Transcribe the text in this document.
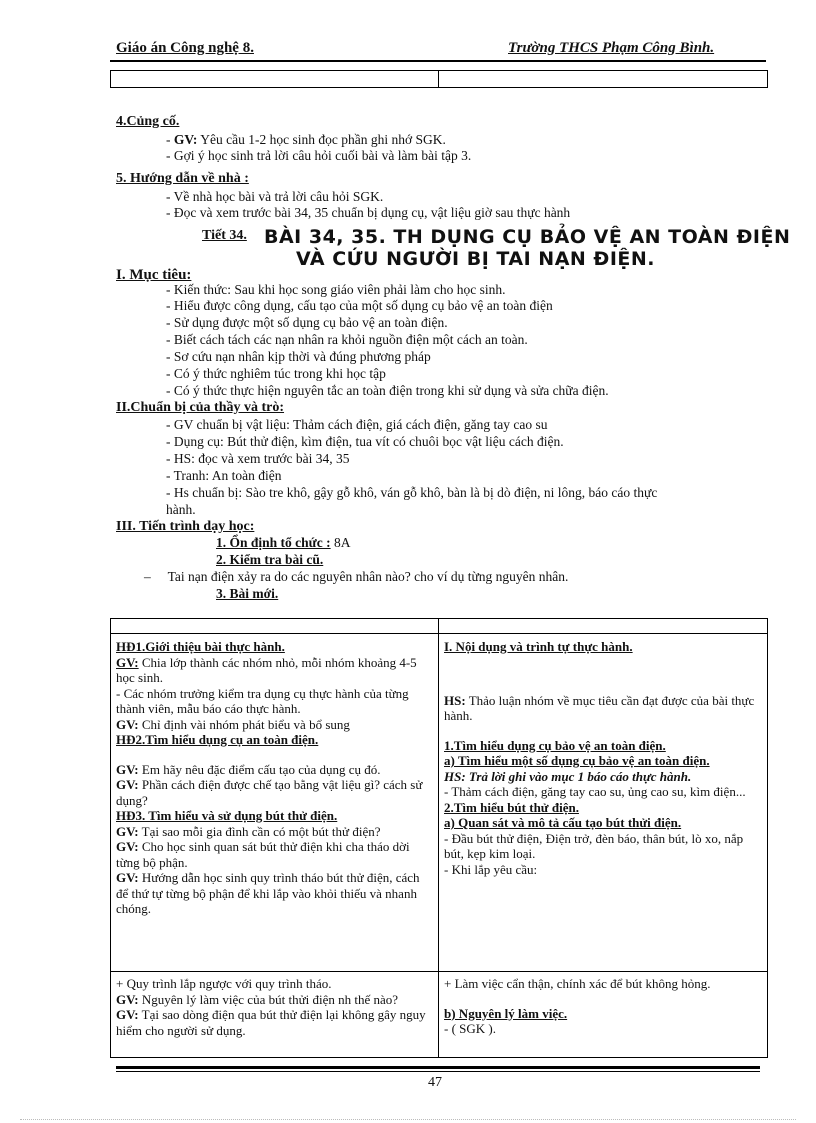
Giáo án Công nghệ 8.	Trường THCS Phạm Công Bình.
4.Củng cố.
- GV: Yêu cầu 1-2 học sinh đọc phần ghi nhớ SGK.
- Gợi ý học sinh trả lời câu hỏi cuối bài và làm bài tập 3.
5. Hướng dẫn về nhà :
- Về nhà học bài và trả lời câu hỏi SGK.
- Đọc và xem trước bài 34, 35 chuẩn bị dụng cụ, vật liệu giờ sau thực hành
Tiết 34. BÀI 34, 35. TH DỤNG CỤ BẢO VỆ AN TOÀN ĐIỆN
VÀ CỨU NGƯỜI BỊ TAI NẠN ĐIỆN.
I. Mục tiêu:
- Kiến thức: Sau khi học song giáo viên phải làm cho học sinh.
- Hiểu được công dụng, cấu tạo của một số dụng cụ bảo vệ an toàn điện
- Sử dụng được một số dụng cụ bảo vệ an toàn điện.
- Biết cách tách các nạn nhân ra khỏi nguồn điện một cách an toàn.
- Sơ cứu nạn nhân kịp thời và đúng phương pháp
- Có ý thức nghiêm túc trong khi học tập
- Có ý thức thực hiện nguyên tắc an toàn điện trong khi sử dụng và sửa chữa điện.
II.Chuẩn bị của thầy và trò:
- GV chuẩn bị vật liệu: Thảm cách điện, giá cách điện, găng tay cao su
- Dụng cụ: Bút thử điện, kìm điện, tua vít có chuôi bọc vật liệu cách điện.
- HS: đọc và xem trước bài 34, 35
- Tranh: An toàn điện
- Hs chuẩn bị: Sào tre khô, gậy gỗ khô, ván gỗ khô, bàn là bị dò điện, ni lông, báo cáo thực
hành.
III. Tiến trình dạy học:
1. Ổn định tổ chức : 8A
2. Kiểm tra bài cũ.
–     Tai nạn điện xảy ra do các nguyên nhân nào? cho ví dụ từng nguyên nhân.
3. Bài mới.

HĐ1.Giới thiệu bài thực hành.

GV: Chia lớp thành các nhóm nhỏ, mỗi nhóm khoảng 4-5 học sinh.

- Các nhóm trưởng kiểm tra dụng cụ thực hành của từng thành viên, mẫu báo cáo thực hành.

GV: Chỉ định vài nhóm phát biểu và bổ sung

HĐ2.Tìm hiểu dụng cụ an toàn điện.

GV: Em hãy nêu đặc điểm cấu tạo của dụng cụ đó.

GV: Phần cách điện được chế tạo bằng vật liệu gì? cách sử dụng?

HĐ3. Tìm hiểu và sử dụng bút thử điện.

GV: Tại sao mỗi gia đình cần có một bút thử điện?

GV: Cho học sinh quan sát bút thử điện khi cha tháo dời từng bộ phận.

GV: Hướng dẫn học sinh quy trình tháo bút thử điện, cách để thứ tự từng bộ phận để khi lắp vào khỏi thiếu và nhanh chóng.

I. Nội dụng và trình tự thực hành.

HS: Thảo luận nhóm về mục tiêu cần đạt được của bài thực hành.

1.Tìm hiểu dụng cụ bảo vệ an toàn điện.

a) Tìm hiểu một số dụng cụ bảo vệ an toàn điện.

HS: Trả lời ghi vào mục 1 báo cáo thực hành.

- Thảm cách điện, găng tay cao su, ủng cao su, kìm điện...

2.Tìm hiểu bút thử điện.

a) Quan sát và mô tả cấu tạo bút thửi điện.

- Đầu bút thử điện, Điện trở, đèn báo, thân bút, lò xo, nắp bút, kẹp kim loại.

- Khi lắp yêu cầu:

+ Quy trình lắp ngược với quy trình tháo.

GV: Nguyên lý làm việc của bút thửi điện nh thế nào?

GV: Tại sao dòng điện qua bút thử điện lại không gây nguy hiểm cho người sử dụng.

+ Làm việc cẩn thận, chính xác để bút không hỏng.

b) Nguyên lý làm việc.

- ( SGK ).

47
